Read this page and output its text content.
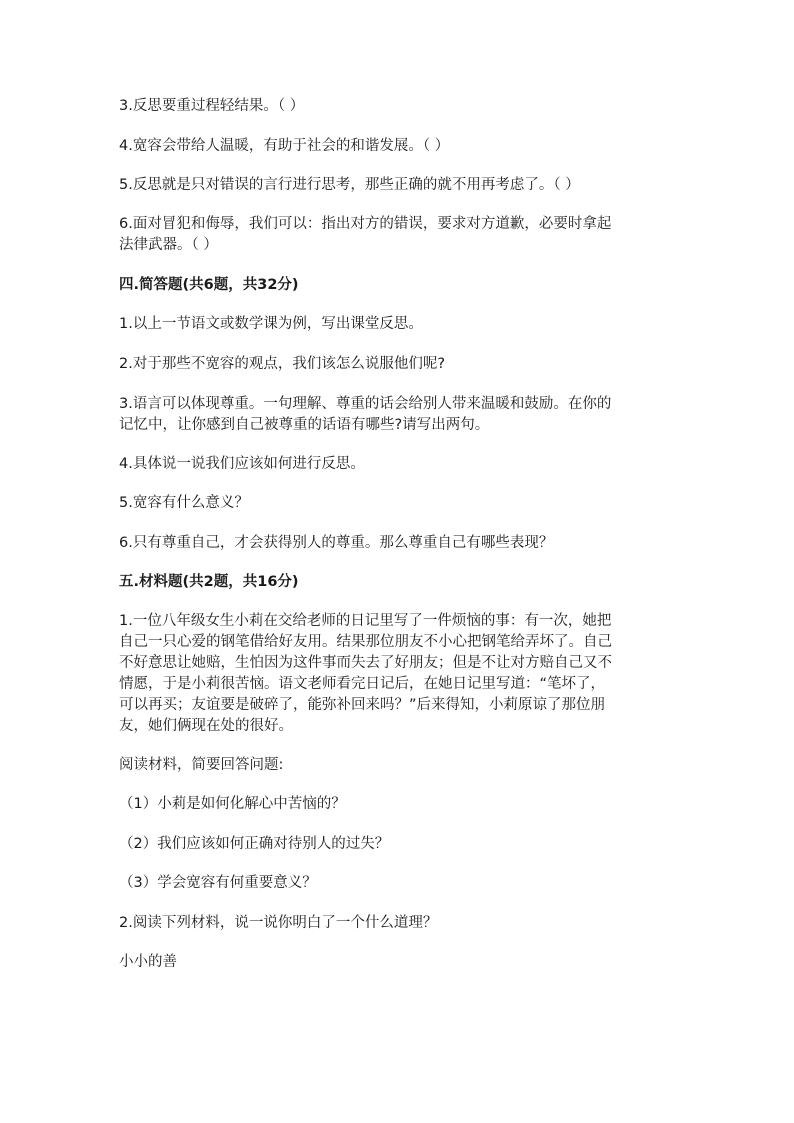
3.反思要重过程轻结果。（ ）
4.宽容会带给人温暖，有助于社会的和谐发展。（ ）
5.反思就是只对错误的言行进行思考，那些正确的就不用再考虑了。（ ）
6.面对冒犯和侮辱，我们可以：指出对方的错误，要求对方道歉，必要时拿起
法律武器。（ ）
四.简答题(共6题，共32分)
1.以上一节语文或数学课为例，写出课堂反思。
2.对于那些不宽容的观点，我们该怎么说服他们呢?
3.语言可以体现尊重。一句理解、尊重的话会给别人带来温暖和鼓励。在你的
记忆中，让你感到自己被尊重的话语有哪些?请写出两句。
4.具体说一说我们应该如何进行反思。
5.宽容有什么意义？
6.只有尊重自己，才会获得别人的尊重。那么尊重自己有哪些表现？
五.材料题(共2题，共16分)
1.一位八年级女生小莉在交给老师的日记里写了一件烦恼的事：有一次，她把
自己一只心爱的钢笔借给好友用。结果那位朋友不小心把钢笔给弄坏了。自己
不好意思让她赔，生怕因为这件事而失去了好朋友；但是不让对方赔自己又不
情愿，于是小莉很苦恼。语文老师看完日记后，在她日记里写道：“笔坏了，
可以再买；友谊要是破碎了，能弥补回来吗？”后来得知，小莉原谅了那位朋
友，她们俩现在处的很好。
阅读材料，简要回答问题:
（1）小莉是如何化解心中苦恼的？
（2）我们应该如何正确对待别人的过失？
（3）学会宽容有何重要意义？
2.阅读下列材料，说一说你明白了一个什么道理？
小小的善
